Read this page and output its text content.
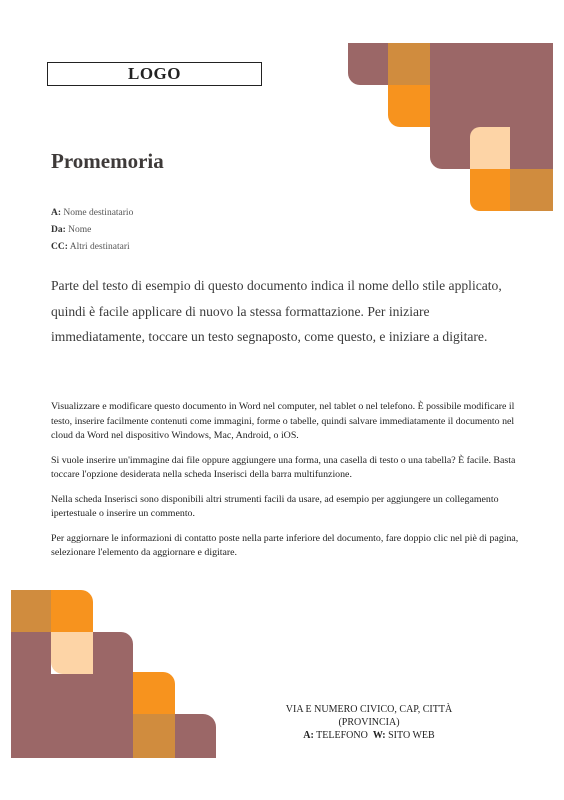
LOGO
Promemoria
A: Nome destinatario
Da: Nome
CC: Altri destinatari

Parte del testo di esempio di questo documento indica il nome dello stile applicato, quindi è facile applicare di nuovo la stessa formattazione. Per iniziare immediatamente, toccare un testo segnaposto, come questo, e iniziare a digitare.

Visualizzare e modificare questo documento in Word nel computer, nel tablet o nel telefono. È possibile modificare il testo, inserire facilmente contenuti come immagini, forme o tabelle, quindi salvare immediatamente il documento nel cloud da Word nel dispositivo Windows, Mac, Android, o iOS.

Si vuole inserire un'immagine dai file oppure aggiungere una forma, una casella di testo o una tabella? È facile. Basta toccare l'opzione desiderata nella scheda Inserisci della barra multifunzione.

Nella scheda Inserisci sono disponibili altri strumenti facili da usare, ad esempio per aggiungere un collegamento ipertestuale o inserire un commento.

Per aggiornare le informazioni di contatto poste nella parte inferiore del documento, fare doppio clic nel piè di pagina, selezionare l'elemento da aggiornare e digitare.

VIA E NUMERO CIVICO, CAP, CITTÀ (PROVINCIA)
A: TELEFONO W: SITO WEB
